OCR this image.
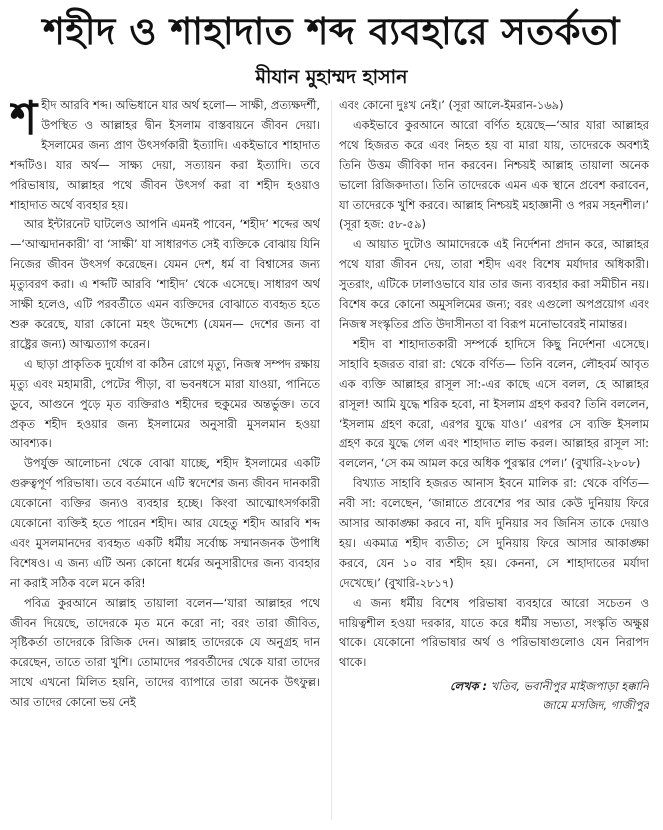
শহীদ ও শাহাদাত শব্দ ব্যবহারে সতর্কতা
মীযান মুহাম্মদ হাসান

শহীদ আরবি শব্দ। অভিধানে যার অর্থ হলো— সাক্ষী, প্রত্যক্ষদর্শী, উপস্থিত ও আল্লাহর দ্বীন ইসলাম বাস্তবায়নে জীবন দেয়া। ইসলামের জন্য প্রাণ উৎসর্গকারী ইত্যাদি। একইভাবে শাহাদাত শব্দটিও। যার অর্থ— সাক্ষ্য দেয়া, সত্যায়ন করা ইত্যাদি। তবে পরিভাষায়, আল্লাহর পথে জীবন উৎসর্গ করা বা শহীদ হওয়াও শাহাদাত অর্থে ব্যবহার হয়।

আর ইন্টারনেট ঘাটলেও আপনি এমনই পাবেন, ‘শহীদ’ শব্দের অর্থ—‘আত্মদানকারী’ বা ‘সাক্ষী’ যা সাধারণত সেই ব্যক্তিকে বোঝায় যিনি নিজের জীবন উৎসর্গ করেছেন। যেমন দেশ, ধর্ম বা বিশ্বাসের জন্য মৃত্যুবরণ করা। এ শব্দটি আরবি ‘শাহীদ’ থেকে এসেছে। সাধারণ অর্থ সাক্ষী হলেও, এটি পরবর্তীতে এমন ব্যক্তিদের বোঝাতে ব্যবহৃত হতে শুরু করেছে, যারা কোনো মহৎ উদ্দেশ্যে (যেমন— দেশের জন্য বা রাষ্ট্রের জন্য) আত্মত্যাগ করেন।

এ ছাড়া প্রাকৃতিক দুর্যোগ বা কঠিন রোগে মৃত্যু, নিজস্ব সম্পদ রক্ষায় মৃত্যু এবং মহামারী, পেটের পীড়া, বা ভবনধসে মারা যাওয়া, পানিতে ডুবে, আগুনে পুড়ে মৃত ব্যক্তিরাও শহীদের হুকুমের অন্তর্ভুক্ত। তবে প্রকৃত শহীদ হওয়ার জন্য ইসলামের অনুসারী মুসলমান হওয়া আবশ্যক।

উপর্যুক্ত আলোচনা থেকে বোঝা যাচ্ছে, শহীদ ইসলামের একটি গুরুত্বপূর্ণ পরিভাষা। তবে বর্তমানে এটি স্বদেশের জন্য জীবন দানকারী যেকোনো ব্যক্তির জন্যও ব্যবহার হচ্ছে। কিংবা আত্মোৎসর্গকারী যেকোনো ব্যক্তিই হতে পারেন শহীদ। আর যেহেতু শহীদ আরবি শব্দ এবং মুসলমানদের ব্যবহৃত একটি ধর্মীয় সর্বোচ্চ সম্মানজনক উপাধি বিশেষও। এ জন্য এটি অন্য কোনো ধর্মের অনুসারীদের জন্য ব্যবহার না করাই সঠিক বলে মনে করি!

পবিত্র কুরআনে আল্লাহ তায়ালা বলেন—‘যারা আল্লাহর পথে জীবন দিয়েছে, তাদেরকে মৃত মনে করো না; বরং তারা জীবিত, সৃষ্টিকর্তা তাদেরকে রিজিক দেন। আল্লাহ তাদেরকে যে অনুগ্রহ দান করেছেন, তাতে তারা খুশি। তোমাদের পরবর্তীদের থেকে যারা তাদের সাথে এখনো মিলিত হয়নি, তাদের ব্যাপারে তারা অনেক উৎফুল্ল। আর তাদের কোনো ভয় নেই

এবং কোনো দুঃখ নেই।’ (সূরা আলে-ইমরান-১৬৯)

একইভাবে কুরআনে আরো বর্ণিত হয়েছে—‘আর যারা আল্লাহর পথে হিজরত করে এবং নিহত হয় বা মারা যায়, তাদেরকে অবশ্যই তিনি উত্তম জীবিকা দান করবেন। নিশ্চয়ই আল্লাহ তায়ালা অনেক ভালো রিজিকদাতা। তিনি তাদেরকে এমন এক স্থানে প্রবেশ করাবেন, যা তাদেরকে খুশি করবে। আল্লাহ নিশ্চয়ই মহাজ্ঞানী ও পরম সহনশীল।’ (সূরা হজ: ৫৮-৫৯)

এ আয়াত দুটোও আমাদেরকে এই নির্দেশনা প্রদান করে, আল্লাহর পথে যারা জীবন দেয়, তারা শহীদ এবং বিশেষ মর্যাদার অধিকারী। সুতরাং, এটিকে ঢালাওভাবে যার তার জন্য ব্যবহার করা সমীচীন নয়। বিশেষ করে কোনো অমুসলিমের জন্য; বরং এগুলো অপপ্রয়োগ এবং নিজস্ব সংস্কৃতির প্রতি উদাসীনতা বা বিরূপ মনোভাবেরই নামান্তর।

শহীদ বা শাহাদাতকারী সম্পর্কে হাদিসে কিছু নির্দেশনা এসেছে। সাহাবি হজরত বারা রা: থেকে বর্ণিত— তিনি বলেন, লৌহবর্ম আবৃত এক ব্যক্তি আল্লাহর রাসূল সা:-এর কাছে এসে বলল, হে আল্লাহর রাসূল! আমি যুদ্ধে শরিক হবো, না ইসলাম গ্রহণ করব? তিনি বললেন, ‘ইসলাম গ্রহণ করো, এরপর যুদ্ধে যাও।’ এরপর সে ব্যক্তি ইসলাম গ্রহণ করে যুদ্ধে গেল এবং শাহাদাত লাভ করল। আল্লাহর রাসূল সা: বললেন, ‘সে কম আমল করে অধিক পুরস্কার পেল।’ (বুখারি-২৮০৮)

বিখ্যাত সাহাবি হজরত আনাস ইবনে মালিক রা: থেকে বর্ণিত—নবী সা: বলেছেন, ‘জান্নাতে প্রবেশের পর আর কেউ দুনিয়ায় ফিরে আসার আকাঙ্ক্ষা করবে না, যদি দুনিয়ার সব জিনিস তাকে দেয়াও হয়। একমাত্র শহীদ ব্যতীত; সে দুনিয়ায় ফিরে আসার আকাঙ্ক্ষা করবে, যেন ১০ বার শহীদ হয়। কেননা, সে শাহাদাতের মর্যাদা দেখেছে।’ (বুখারি-২৮১৭)

এ জন্য ধর্মীয় বিশেষ পরিভাষা ব্যবহারে আরো সচেতন ও দায়িত্বশীল হওয়া দরকার, যাতে করে ধর্মীয় সভ্যতা, সংস্কৃতি অক্ষুণ্ণ থাকে। যেকোনো পরিভাষার অর্থ ও পরিভাষাগুলোও যেন নিরাপদ থাকে।

লেখক : খতিব, ভবানীপুর মাইজপাড়া হক্কানি
জামে মসজিদ, গাজীপুর
